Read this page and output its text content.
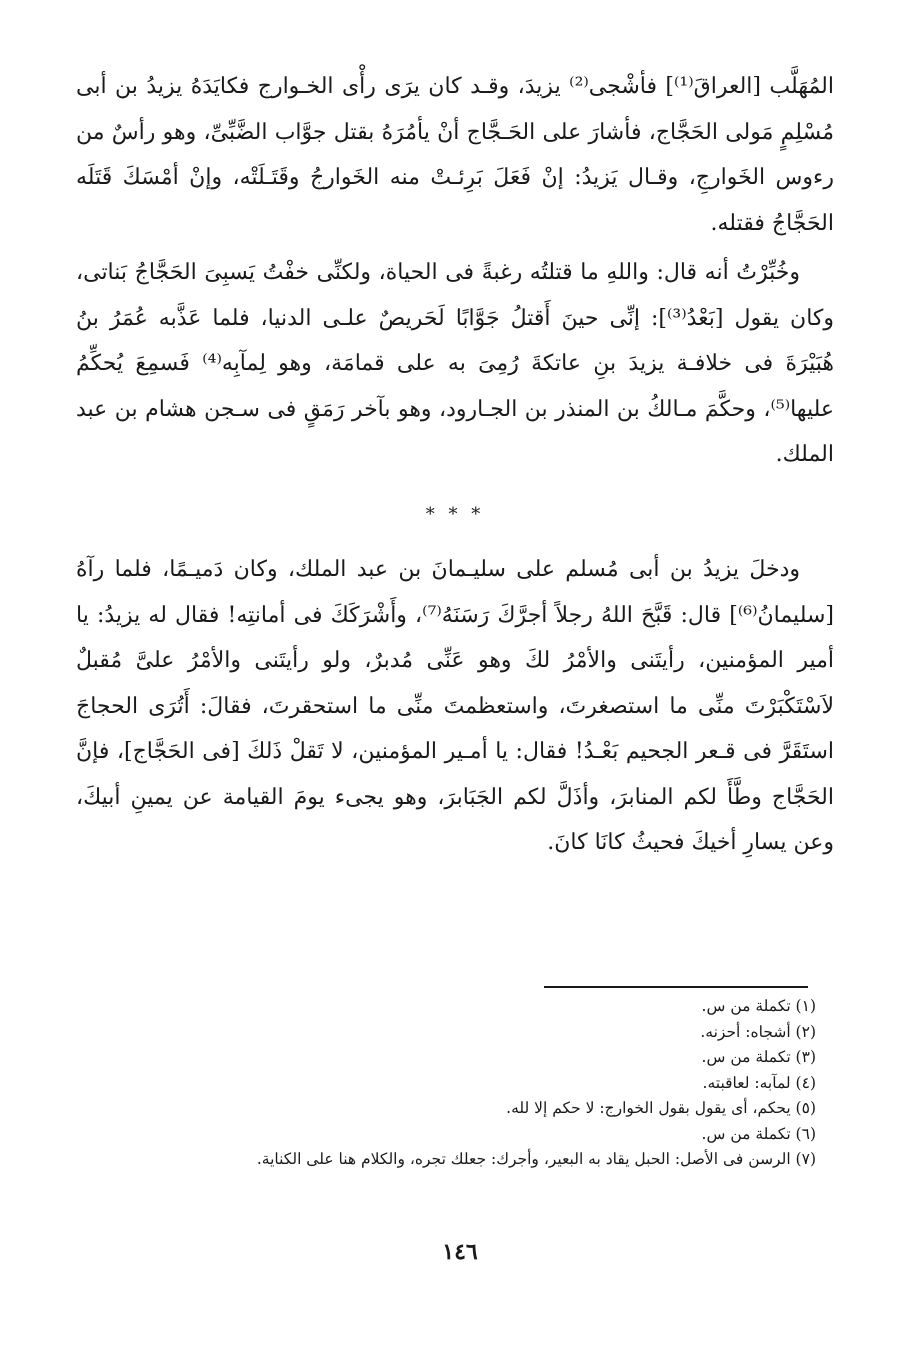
المُهَلَّب [العراقَ⁽¹⁾] فأشْجى⁽²⁾ يزيدَ، وقـد كان يرَى رأْى الخـوارج فكايَدَهُ يزيدُ بن أبى مُسْلِمٍ مَولى الحَجَّاج، فأشارَ على الحَـجَّاج أنْ يأمُرَهُ بقتل جوَّاب الضَّبِّىِّ، وهو رأسٌ من رءوس الخَوارجِ، وقـال يَزيدُ: إنْ فَعَلَ بَرِئـتْ منه الخَوارجُ وقَتَـلَتْه، وإنْ أمْسَكَ قَتَلَه الحَجَّاجُ فقتله.

وخُبِّرْتُ أنه قال: واللهِ ما قتلتُه رغبةً فى الحياة، ولكنِّى خفْتُ يَسبِىَ الحَجَّاجُ بَناتى، وكان يقول [بَعْدُ⁽³⁾]: إنِّى حينَ أَقتلُ جَوَّابًا لَحَريصٌ علـى الدنيا، فلما عَذَّبه عُمَرُ بنُ هُبَيْرَةَ فى خلافـة يزيدَ بنِ عاتكةَ رُمِىَ به على قمامَة، وهو لِمآبِه⁽⁴⁾ فَسمِعَ يُحكِّمُ عليها⁽⁵⁾، وحكَّمَ مـالكُ بن المنذر بن الجـارود، وهو بآخر رَمَقٍ فى سـجن هشام بن عبد الملك.

* * *

ودخلَ يزيدُ بن أبى مُسلم على سليـمانَ بن عبد الملك، وكان دَميـمًا، فلما رآهُ [سليمانُ⁽⁶⁾] قال: قَبَّحَ اللهُ رجلاً أجرَّكَ رَسَنَهُ⁽⁷⁾، وأَشْرَكَكَ فى أمانتِه! فقال له يزيدُ: يا أمير المؤمنين، رأيتَنى والأمْرُ لكَ وهو عَنِّى مُدبرٌ، ولو رأيتَنى والأمْرُ علىَّ مُقبلٌ لاَسْتَكْبَرْتَ منِّى ما استصغرتَ، واستعظمتَ منِّى ما استحقرتَ، فقالَ: أَتُرَى الحجاجَ استَقَرَّ فى قـعر الجحيم بَعْـدُ! فقال: يا أمـير المؤمنين، لا تَقلْ ذَلكَ [فى الحَجَّاج]، فإنَّ الحَجَّاج وطَّأَ لكم المنابرَ، وأذَلَّ لكم الجَبَابرَ، وهو يجىء يومَ القيامة عن يمينِ أبيكَ، وعن يسارِ أخيكَ فحيثُ كانَا كانَ.

(١) تكملة من س.
(٢) أشجاه: أحزنه.
(٣) تكملة من س.
(٤) لمآبه: لعاقبته.
(٥) يحكم، أى يقول بقول الخوارج: لا حكم إلا لله.
(٦) تكملة من س.
(٧) الرسن فى الأصل: الحبل يقاد به البعير، وأجرك: جعلك تجره، والكلام هنا على الكناية.
١٤٦
